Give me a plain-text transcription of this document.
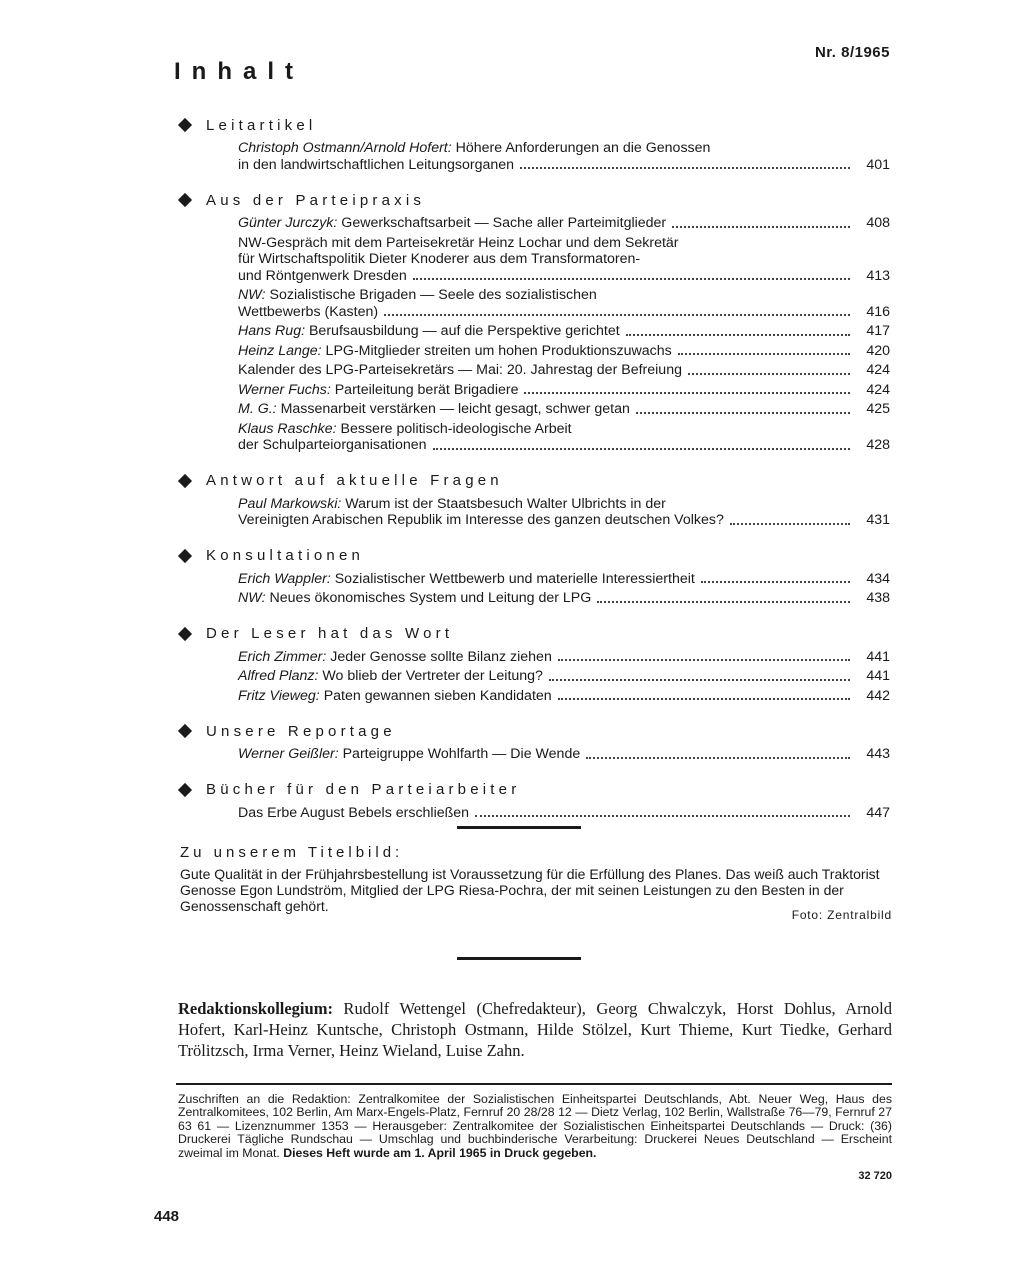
Nr. 8/1965
Inhalt
Leitartikel
Christoph Ostmann/Arnold Hofert: Höhere Anforderungen an die Genossen
in den landwirtschaftlichen Leitungsorganen	401
Aus der Parteipraxis
Günter Jurczyk: Gewerkschaftsarbeit — Sache aller Parteimitglieder	408
NW-Gespräch mit dem Parteisekretär Heinz Lochar und dem Sekretär
für Wirtschaftspolitik Dieter Knoderer aus dem Transformatoren-
und Röntgenwerk Dresden	413
NW: Sozialistische Brigaden — Seele des sozialistischen
Wettbewerbs (Kasten)	416
Hans Rug: Berufsausbildung — auf die Perspektive gerichtet	417
Heinz Lange: LPG-Mitglieder streiten um hohen Produktionszuwachs	420
Kalender des LPG-Parteisekretärs — Mai: 20. Jahrestag der Befreiung	424
Werner Fuchs: Parteileitung berät Brigadiere	424
M. G.: Massenarbeit verstärken — leicht gesagt, schwer getan	425
Klaus Raschke: Bessere politisch-ideologische Arbeit
der Schulparteiorganisationen	428
Antwort auf aktuelle Fragen
Paul Markowski: Warum ist der Staatsbesuch Walter Ulbrichts in der
Vereinigten Arabischen Republik im Interesse des ganzen deutschen Volkes?	431
Konsultationen
Erich Wappler: Sozialistischer Wettbewerb und materielle Interessiertheit	434
NW: Neues ökonomisches System und Leitung der LPG	438
Der Leser hat das Wort
Erich Zimmer: Jeder Genosse sollte Bilanz ziehen	441
Alfred Planz: Wo blieb der Vertreter der Leitung?	441
Fritz Vieweg: Paten gewannen sieben Kandidaten	442
Unsere Reportage
Werner Geißler: Parteigruppe Wohlfarth — Die Wende	443
Bücher für den Parteiarbeiter
Das Erbe August Bebels erschließen	447
Zu unserem Titelbild:
Gute Qualität in der Frühjahrsbestellung ist Voraussetzung für die Erfüllung des Planes. Das weiß auch Traktorist Genosse Egon Lundström, Mitglied der LPG Riesa-Pochra, der mit seinen Leistungen zu den Besten in der Genossenschaft gehört.
Foto: Zentralbild
Redaktionskollegium: Rudolf Wettengel (Chefredakteur), Georg Chwalczyk, Horst Dohlus, Arnold Hofert, Karl-Heinz Kuntsche, Christoph Ostmann, Hilde Stölzel, Kurt Thieme, Kurt Tiedke, Gerhard Trölitzsch, Irma Verner, Heinz Wieland, Luise Zahn.
Zuschriften an die Redaktion: Zentralkomitee der Sozialistischen Einheitspartei Deutschlands, Abt. Neuer Weg, Haus des Zentralkomitees, 102 Berlin, Am Marx-Engels-Platz, Fernruf 20 28/28 12 — Dietz Verlag, 102 Berlin, Wallstraße 76—79, Fernruf 27 63 61 — Lizenznummer 1353 — Herausgeber: Zentralkomitee der Sozialistischen Einheitspartei Deutschlands — Druck: (36) Druckerei Tägliche Rundschau — Umschlag und buchbinderische Verarbeitung: Druckerei Neues Deutschland — Erscheint zweimal im Monat. Dieses Heft wurde am 1. April 1965 in Druck gegeben.
32 720
448
